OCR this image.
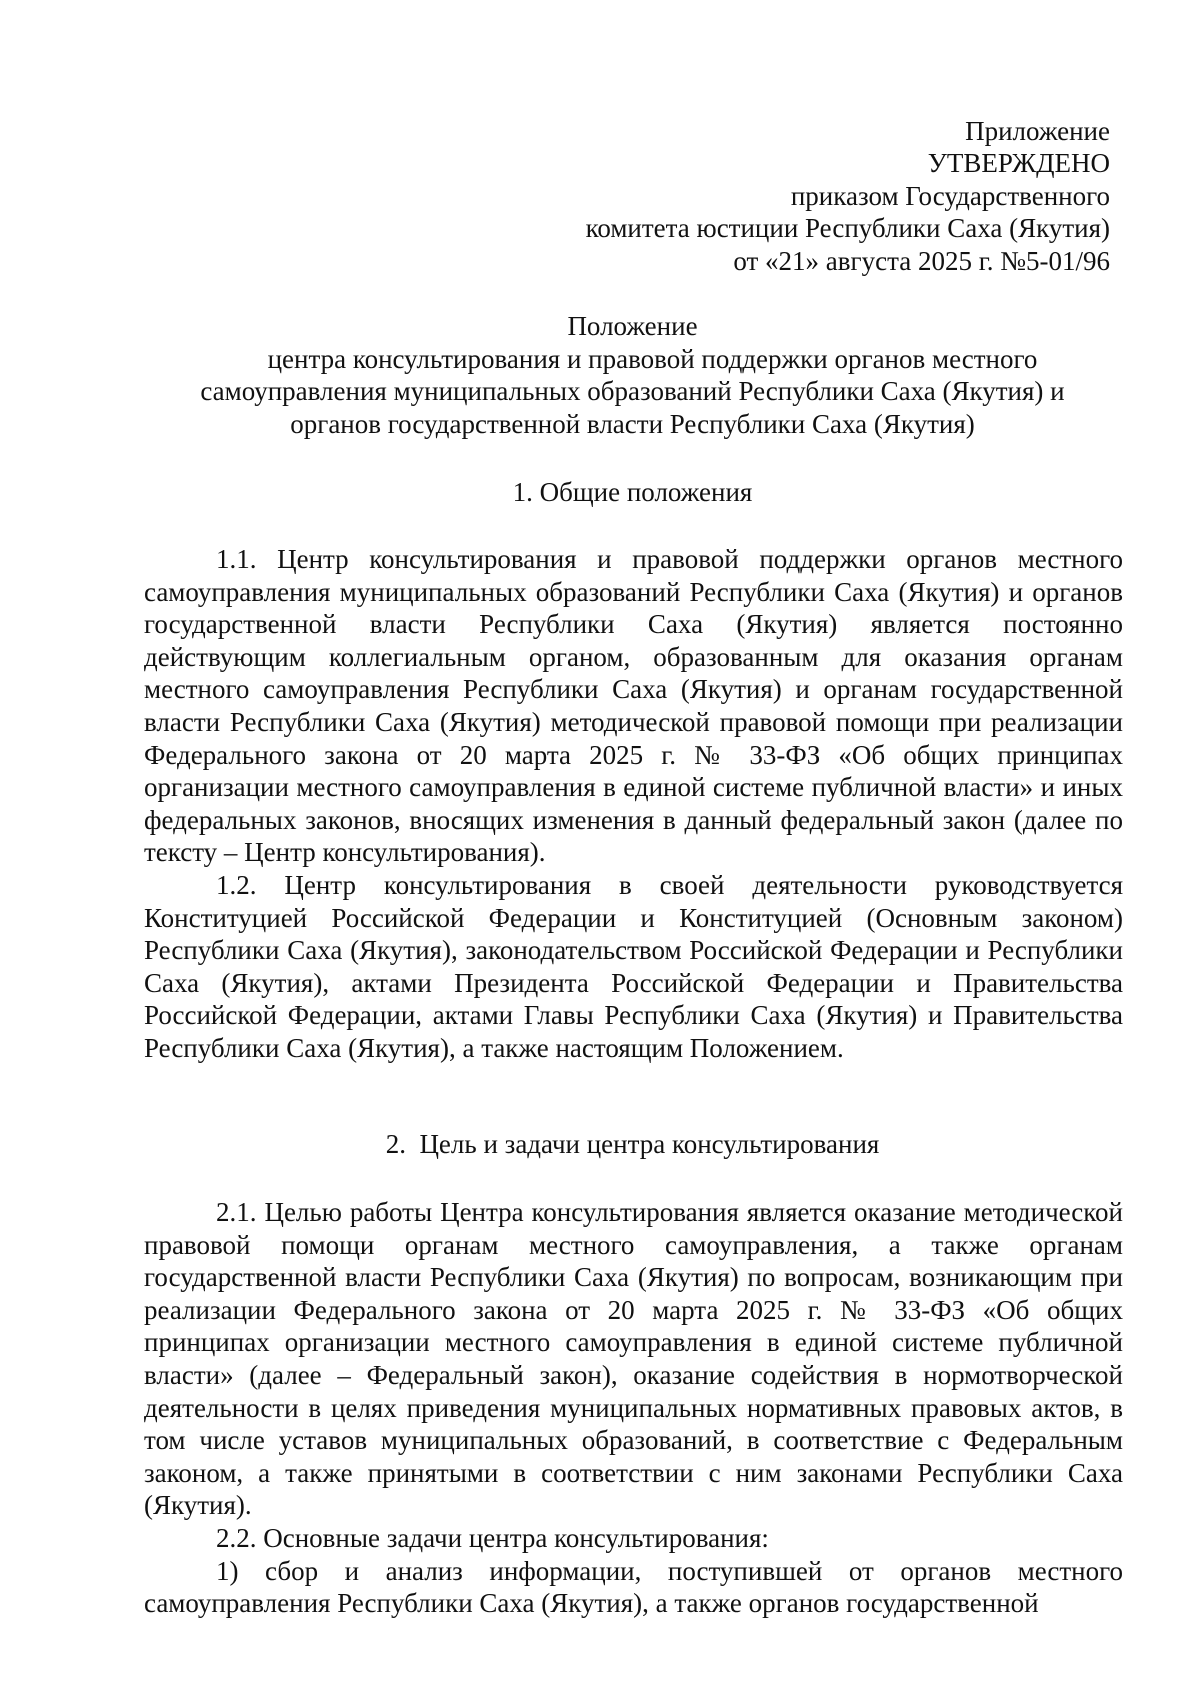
Приложение
УТВЕРЖДЕНО
приказом Государственного
комитета юстиции Республики Саха (Якутия)
от «21» августа 2025 г. №5-01/96
Положение
центра консультирования и правовой поддержки органов местного
самоуправления муниципальных образований Республики Саха (Якутия) и
органов государственной власти Республики Саха (Якутия)
1. Общие положения

1.1. Центр консультирования и правовой поддержки органов местного самоуправления муниципальных образований Республики Саха (Якутия) и органов государственной власти Республики Саха (Якутия) является постоянно действующим коллегиальным органом, образованным для оказания органам местного самоуправления Республики Саха (Якутия) и органам государственной власти Республики Саха (Якутия) методической правовой помощи при реализации Федерального закона от 20 марта 2025 г. № 33-ФЗ «Об общих принципах организации местного самоуправления в единой системе публичной власти» и иных федеральных законов, вносящих изменения в данный федеральный закон (далее по тексту – Центр консультирования).

1.2. Центр консультирования в своей деятельности руководствуется Конституцией Российской Федерации и Конституцией (Основным законом) Республики Саха (Якутия), законодательством Российской Федерации и Республики Саха (Якутия), актами Президента Российской Федерации и Правительства Российской Федерации, актами Главы Республики Саха (Якутия) и Правительства Республики Саха (Якутия), а также настоящим Положением.

2.  Цель и задачи центра консультирования

2.1. Целью работы Центра консультирования является оказание методической правовой помощи органам местного самоуправления, а также органам государственной власти Республики Саха (Якутия) по вопросам, возникающим при реализации Федерального закона от 20 марта 2025 г. № 33-ФЗ «Об общих принципах организации местного самоуправления в единой системе публичной власти» (далее – Федеральный закон), оказание содействия в нормотворческой деятельности в целях приведения муниципальных нормативных правовых актов, в том числе уставов муниципальных образований, в соответствие с Федеральным законом, а также принятыми в соответствии с ним законами Республики Саха (Якутия).

2.2. Основные задачи центра консультирования:

1) сбор и анализ информации, поступившей от органов местного самоуправления Республики Саха (Якутия), а также органов государственной
